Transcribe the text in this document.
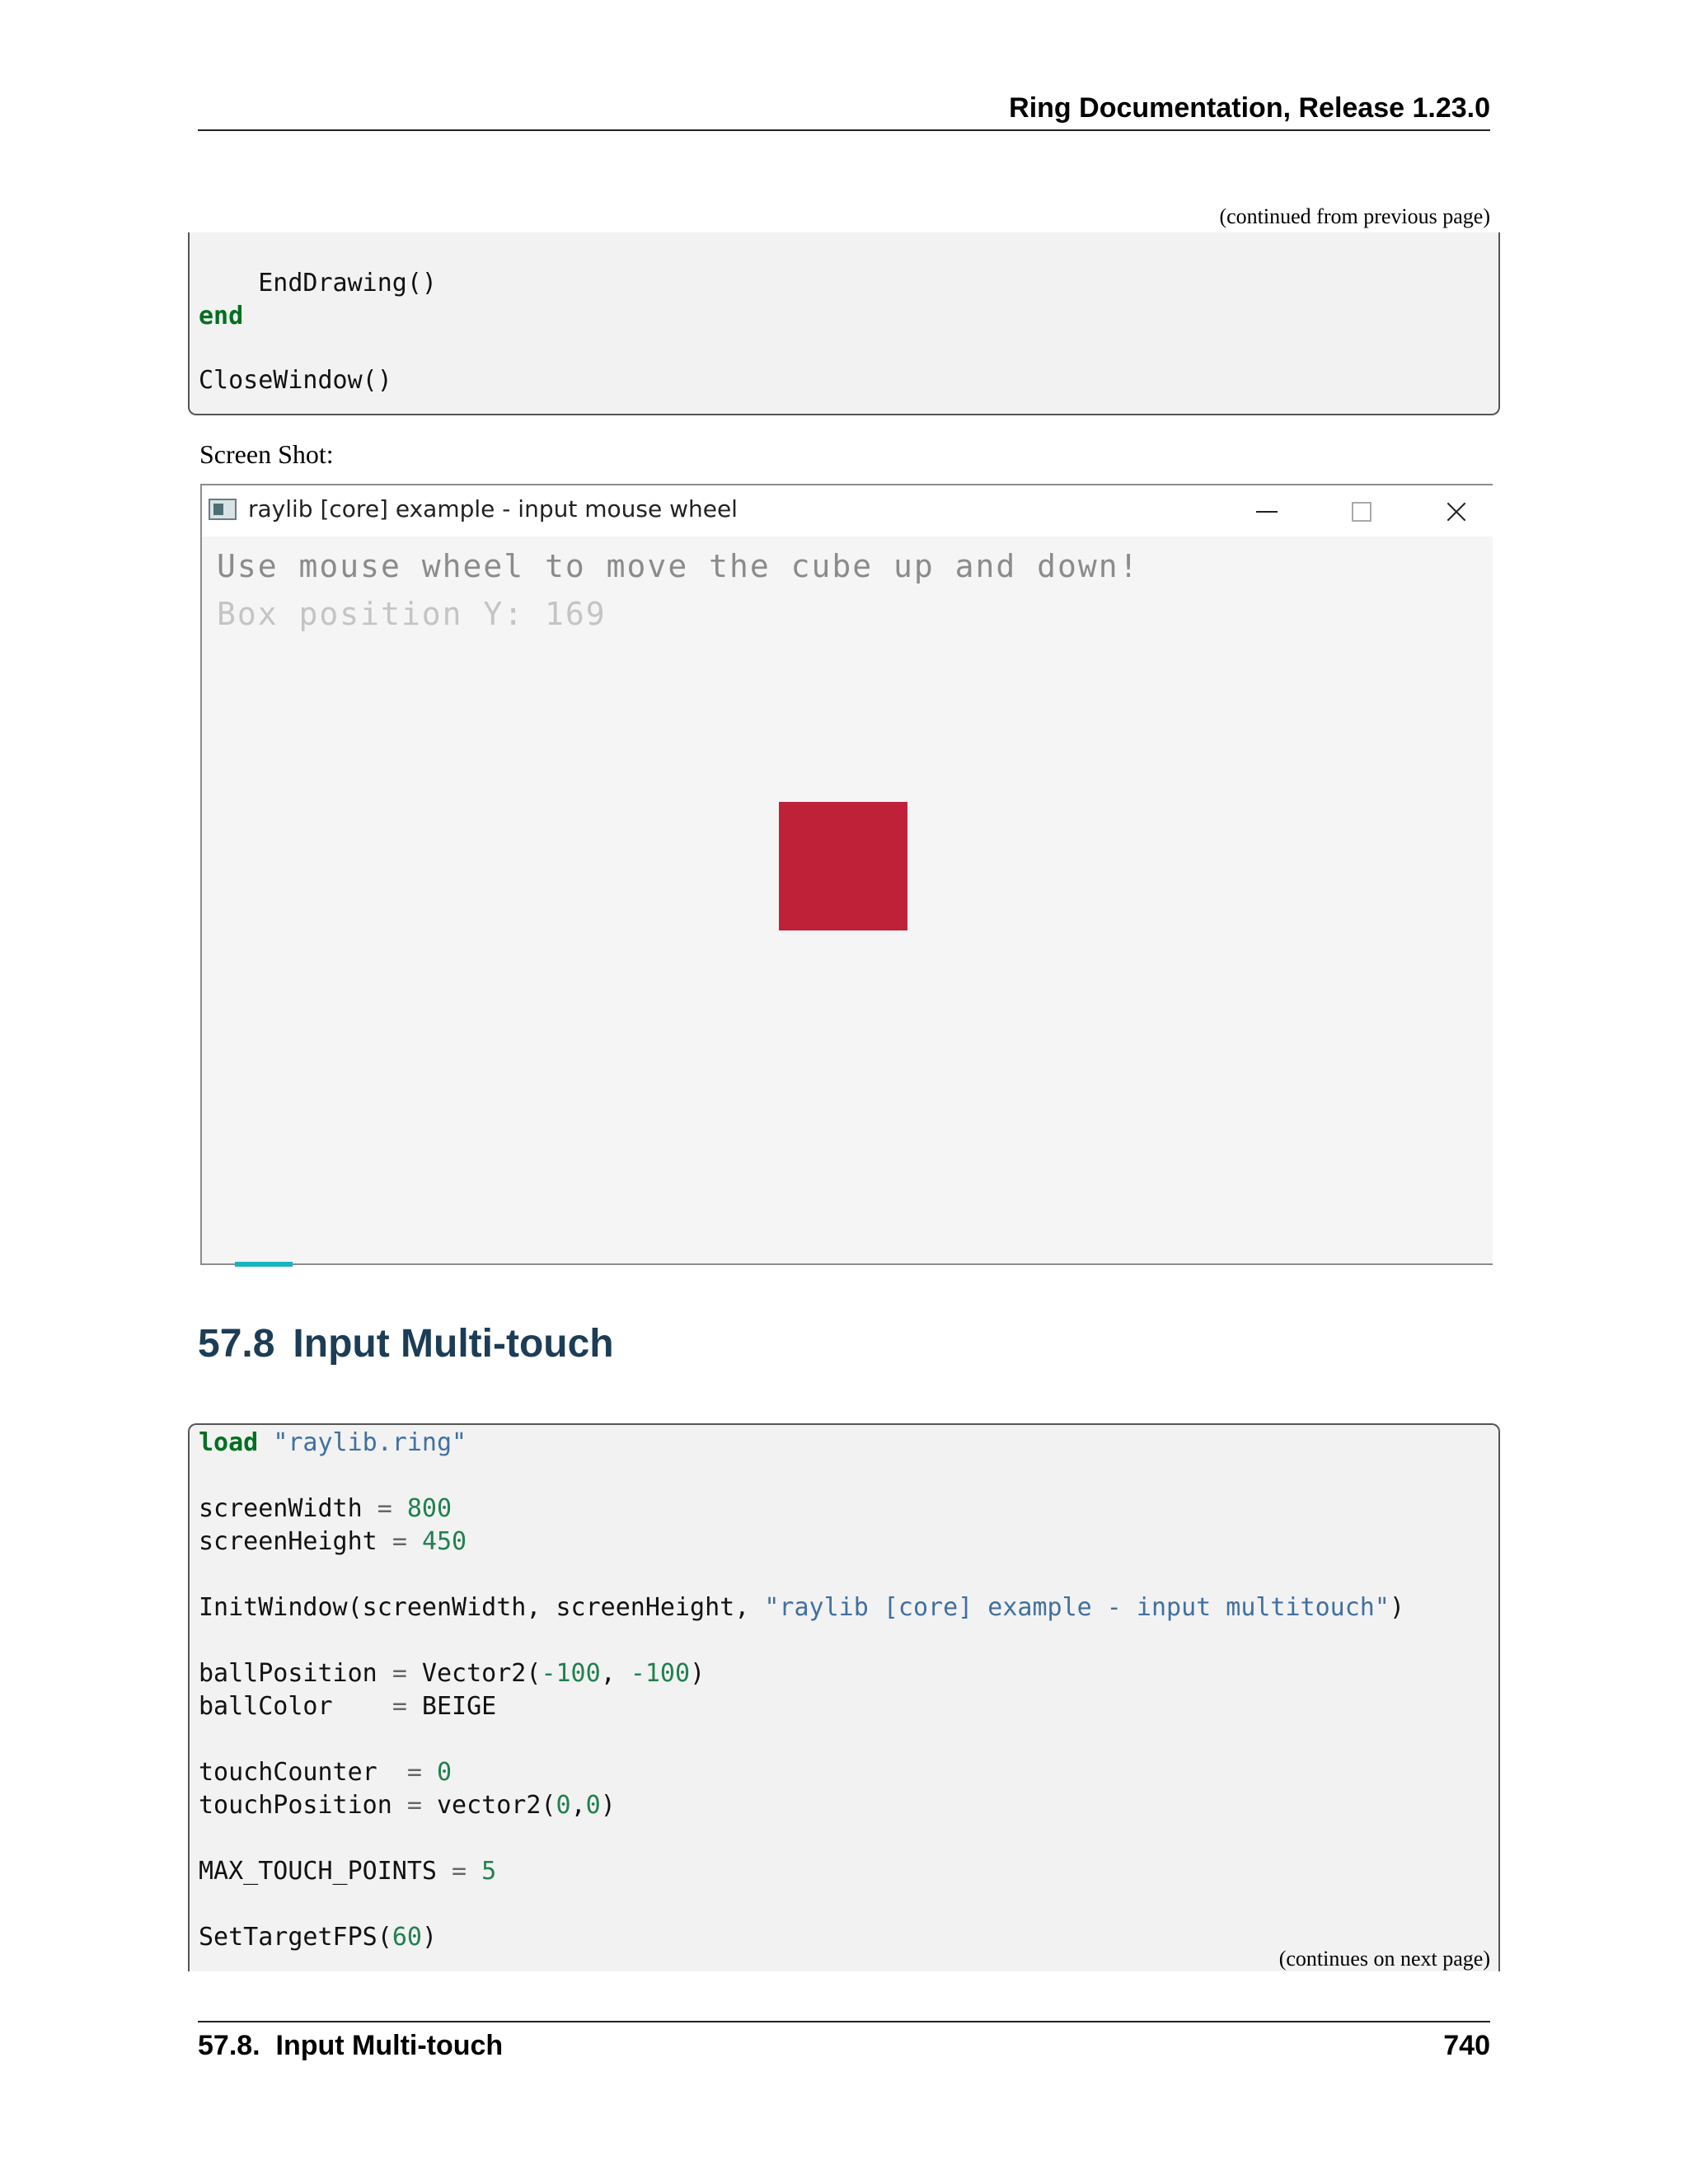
Ring Documentation, Release 1.23.0
(continued from previous page)
EndDrawing()
end
CloseWindow()
Screen Shot:
raylib [core] example - input mouse wheel
Use mouse wheel to move the cube up and down!
Box position Y: 169
57.8 Input Multi-touch
load "raylib.ring"
screenWidth = 800
screenHeight = 450
InitWindow(screenWidth, screenHeight, "raylib [core] example - input multitouch")
ballPosition = Vector2(-100, -100)
ballColor    = BEIGE
touchCounter  = 0
touchPosition = vector2(0,0)
MAX_TOUCH_POINTS = 5
SetTargetFPS(60)
(continues on next page)
57.8.  Input Multi-touch	740
